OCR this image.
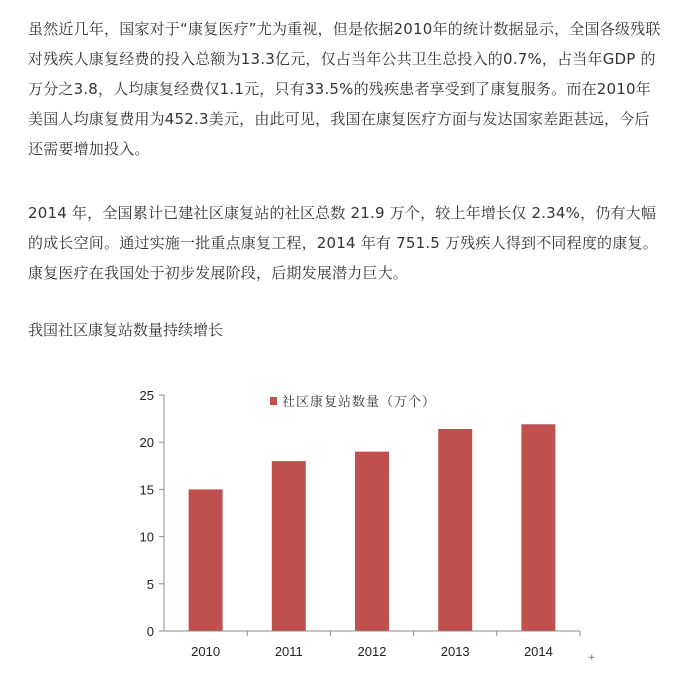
虽然近几年，国家对于“康复医疗”尤为重视，但是依据2010年的统计数据显示，全国各级残联对残疾人康复经费的投入总额为13.3亿元，仅占当年公共卫生总投入的0.7%，占当年GDP 的万分之3.8，人均康复经费仅1.1元，只有33.5%的残疾患者享受到了康复服务。而在2010年美国人均康复费用为452.3美元，由此可见，我国在康复医疗方面与发达国家差距甚远，今后还需要增加投入。

2014 年，全国累计已建社区康复站的社区总数 21.9 万个，较上年增长仅 2.34%，仍有大幅的成长空间。通过实施一批重点康复工程，2014 年有 751.5 万残疾人得到不同程度的康复。康复医疗在我国处于初步发展阶段，后期发展潜力巨大。

我国社区康复站数量持续增长

0
5
10
15
20
25
2010	2011	2012	2013	2014
社区康复站数量（万个）
+
